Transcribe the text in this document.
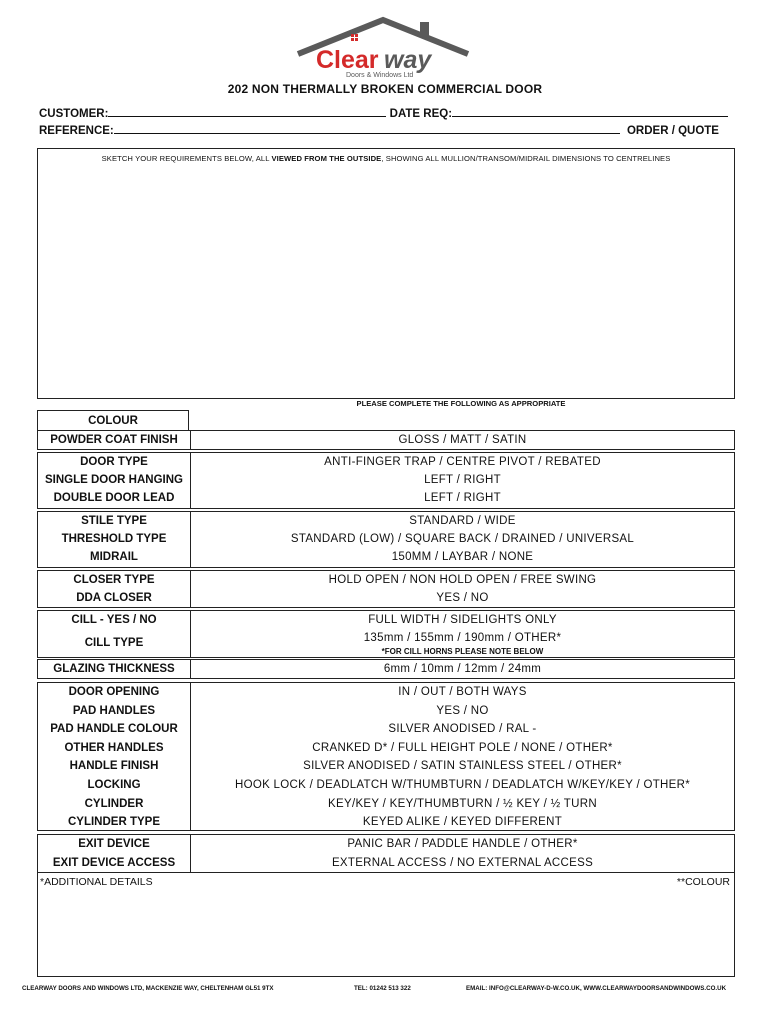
Clear way
Doors & Windows Ltd
202 NON THERMALLY BROKEN COMMERCIAL DOOR
CUSTOMER:	DATE REQ:
REFERENCE:	ORDER / QUOTE
SKETCH YOUR REQUIREMENTS BELOW, ALL VIEWED FROM THE OUTSIDE, SHOWING ALL MULLION/TRANSOM/MIDRAIL DIMENSIONS TO CENTRELINES
PLEASE COMPLETE THE FOLLOWING AS APPROPRIATE
COLOUR
POWDER COAT FINISH	GLOSS / MATT / SATIN
DOOR TYPE	ANTI-FINGER TRAP / CENTRE PIVOT / REBATED
SINGLE DOOR HANGING	LEFT / RIGHT
DOUBLE DOOR LEAD	LEFT / RIGHT
STILE TYPE	STANDARD / WIDE
THRESHOLD TYPE	STANDARD (LOW) / SQUARE BACK / DRAINED / UNIVERSAL
MIDRAIL	150MM / LAYBAR / NONE
CLOSER TYPE	HOLD OPEN / NON HOLD OPEN / FREE SWING
DDA CLOSER	YES / NO
CILL - YES / NO	FULL WIDTH / SIDELIGHTS ONLY
CILL TYPE	135mm / 155mm / 190mm / OTHER*
*FOR CILL HORNS PLEASE NOTE BELOW
GLAZING THICKNESS	6mm / 10mm / 12mm / 24mm
DOOR OPENING	IN / OUT / BOTH WAYS
PAD HANDLES	YES / NO
PAD HANDLE COLOUR	SILVER ANODISED / RAL -
OTHER HANDLES	CRANKED D* / FULL HEIGHT POLE / NONE / OTHER*
HANDLE FINISH	SILVER ANODISED / SATIN STAINLESS STEEL / OTHER*
LOCKING	HOOK LOCK / DEADLATCH W/THUMBTURN / DEADLATCH W/KEY/KEY / OTHER*
CYLINDER	KEY/KEY / KEY/THUMBTURN / ½ KEY / ½ TURN
CYLINDER TYPE	KEYED ALIKE / KEYED DIFFERENT
EXIT DEVICE	PANIC BAR / PADDLE HANDLE / OTHER*
EXIT DEVICE ACCESS	EXTERNAL ACCESS / NO EXTERNAL ACCESS
*ADDITIONAL DETAILS	**COLOUR
CLEARWAY DOORS AND WINDOWS LTD, MACKENZIE WAY, CHELTENHAM GL51 9TX	TEL: 01242 513 322	EMAIL: INFO@CLEARWAY-D-W.CO.UK, WWW.CLEARWAYDOORSANDWINDOWS.CO.UK
